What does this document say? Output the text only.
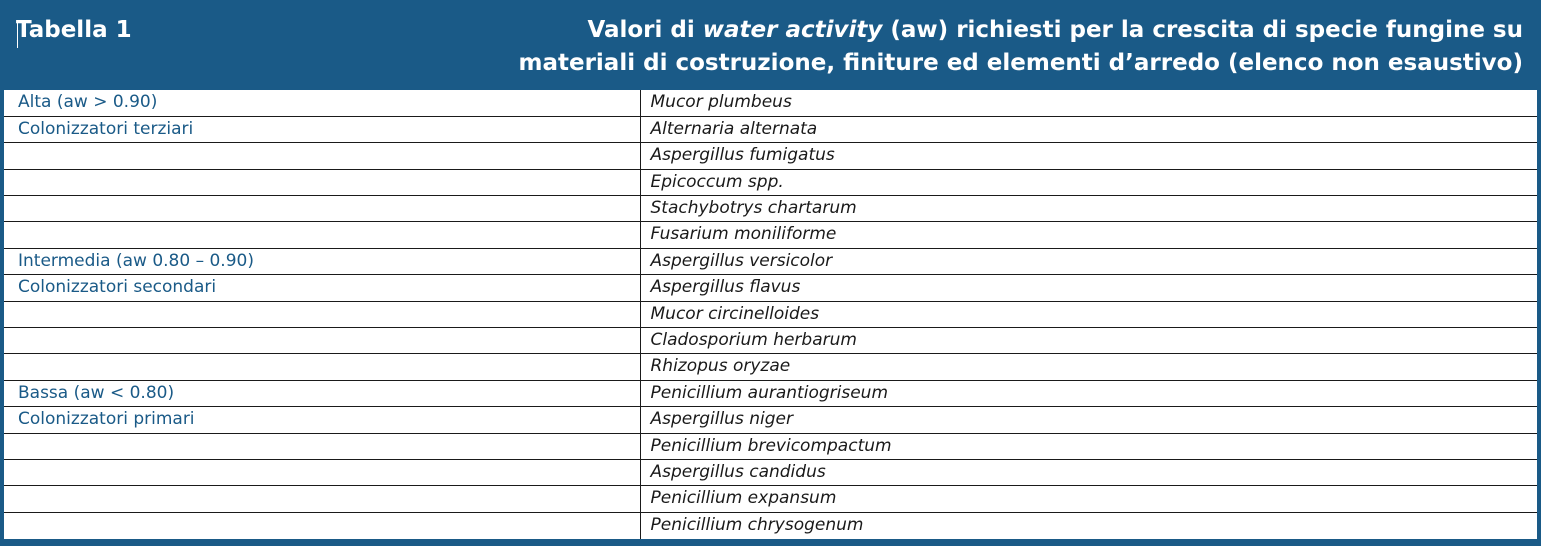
Tabella 1	Valori di water activity (aw) richiesti per la crescita di specie fungine su
materiali di costruzione, finiture ed elementi d’arredo (elenco non esaustivo)
Alta (aw > 0.90)	Mucor plumbeus
Colonizzatori terziari	Alternaria alternata
	Aspergillus fumigatus
	Epicoccum spp.
	Stachybotrys chartarum
	Fusarium moniliforme
Intermedia (aw 0.80 – 0.90)	Aspergillus versicolor
Colonizzatori secondari	Aspergillus flavus
	Mucor circinelloides
	Cladosporium herbarum
	Rhizopus oryzae
Bassa (aw < 0.80)	Penicillium aurantiogriseum
Colonizzatori primari	Aspergillus niger
	Penicillium brevicompactum
	Aspergillus candidus
	Penicillium expansum
	Penicillium chrysogenum
